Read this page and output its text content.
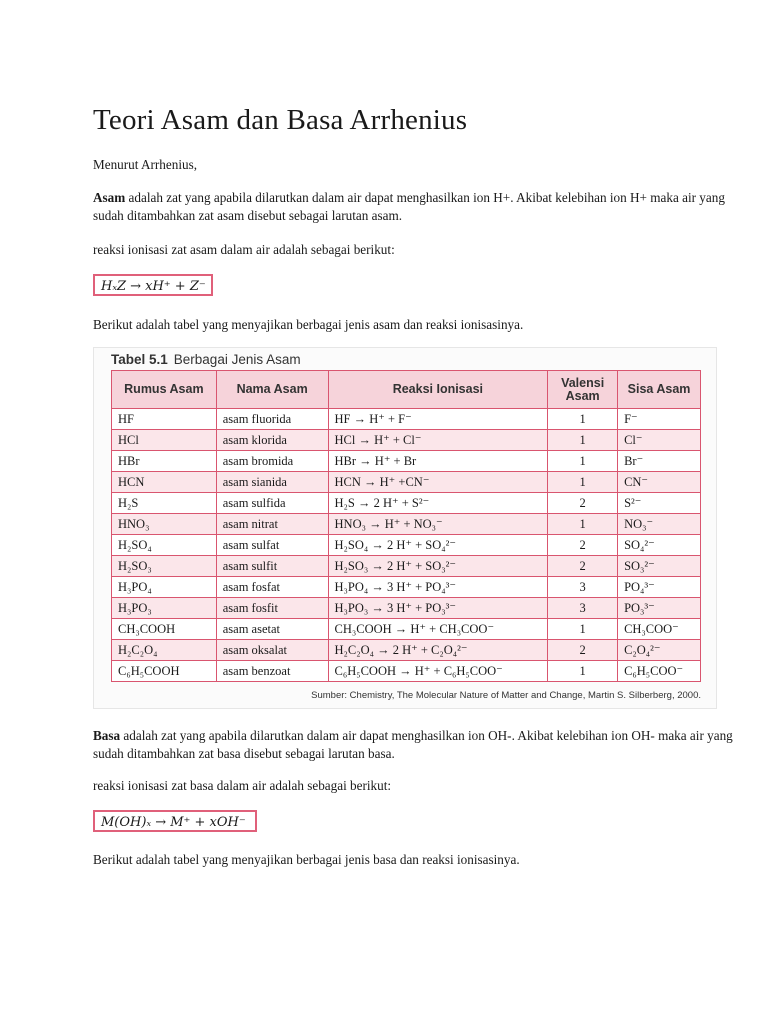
Teori Asam dan Basa Arrhenius

Menurut Arrhenius,

Asam adalah zat yang apabila dilarutkan dalam air dapat menghasilkan ion H+. Akibat kelebihan ion H+ maka air yang sudah ditambahkan zat asam disebut sebagai larutan asam.

reaksi ionisasi zat asam dalam air adalah sebagai berikut:

HₓZ → xH⁺ + Z⁻

Berikut adalah tabel yang menyajikan berbagai jenis asam dan reaksi ionisasinya.

Tabel 5.1 Berbagai Jenis Asam
Rumus Asam	Nama Asam	Reaksi Ionisasi	Valensi Asam	Sisa Asam
HF	asam fluorida	HF → H⁺ + F⁻	1	F⁻
HCl	asam klorida	HCl → H⁺ + Cl⁻	1	Cl⁻
HBr	asam bromida	HBr → H⁺ + Br	1	Br⁻
HCN	asam sianida	HCN → H⁺ +CN⁻	1	CN⁻
H₂S	asam sulfida	H₂S → 2 H⁺ + S²⁻	2	S²⁻
HNO₃	asam nitrat	HNO₃ → H⁺ + NO₃⁻	1	NO₃⁻
H₂SO₄	asam sulfat	H₂SO₄ → 2 H⁺ + SO₄²⁻	2	SO₄²⁻
H₂SO₃	asam sulfit	H₂SO₃ → 2 H⁺ + SO₃²⁻	2	SO₃²⁻
H₃PO₄	asam fosfat	H₃PO₄ → 3 H⁺ + PO₄³⁻	3	PO₄³⁻
H₃PO₃	asam fosfit	H₃PO₃ → 3 H⁺ + PO₃³⁻	3	PO₃³⁻
CH₃COOH	asam asetat	CH₃COOH → H⁺ + CH₃COO⁻	1	CH₃COO⁻
H₂C₂O₄	asam oksalat	H₂C₂O₄ → 2 H⁺ + C₂O₄²⁻	2	C₂O₄²⁻
C₆H₅COOH	asam benzoat	C₆H₅COOH → H⁺ + C₆H₅COO⁻	1	C₆H₅COO⁻
Sumber: Chemistry, The Molecular Nature of Matter and Change, Martin S. Silberberg, 2000.

Basa adalah zat yang apabila dilarutkan dalam air dapat menghasilkan ion OH-. Akibat kelebihan ion OH- maka air yang sudah ditambahkan zat basa disebut sebagai larutan basa.

reaksi ionisasi zat basa dalam air adalah sebagai berikut:

M(OH)ₓ → M⁺ + xOH⁻

Berikut adalah tabel yang menyajikan berbagai jenis basa dan reaksi ionisasinya.
